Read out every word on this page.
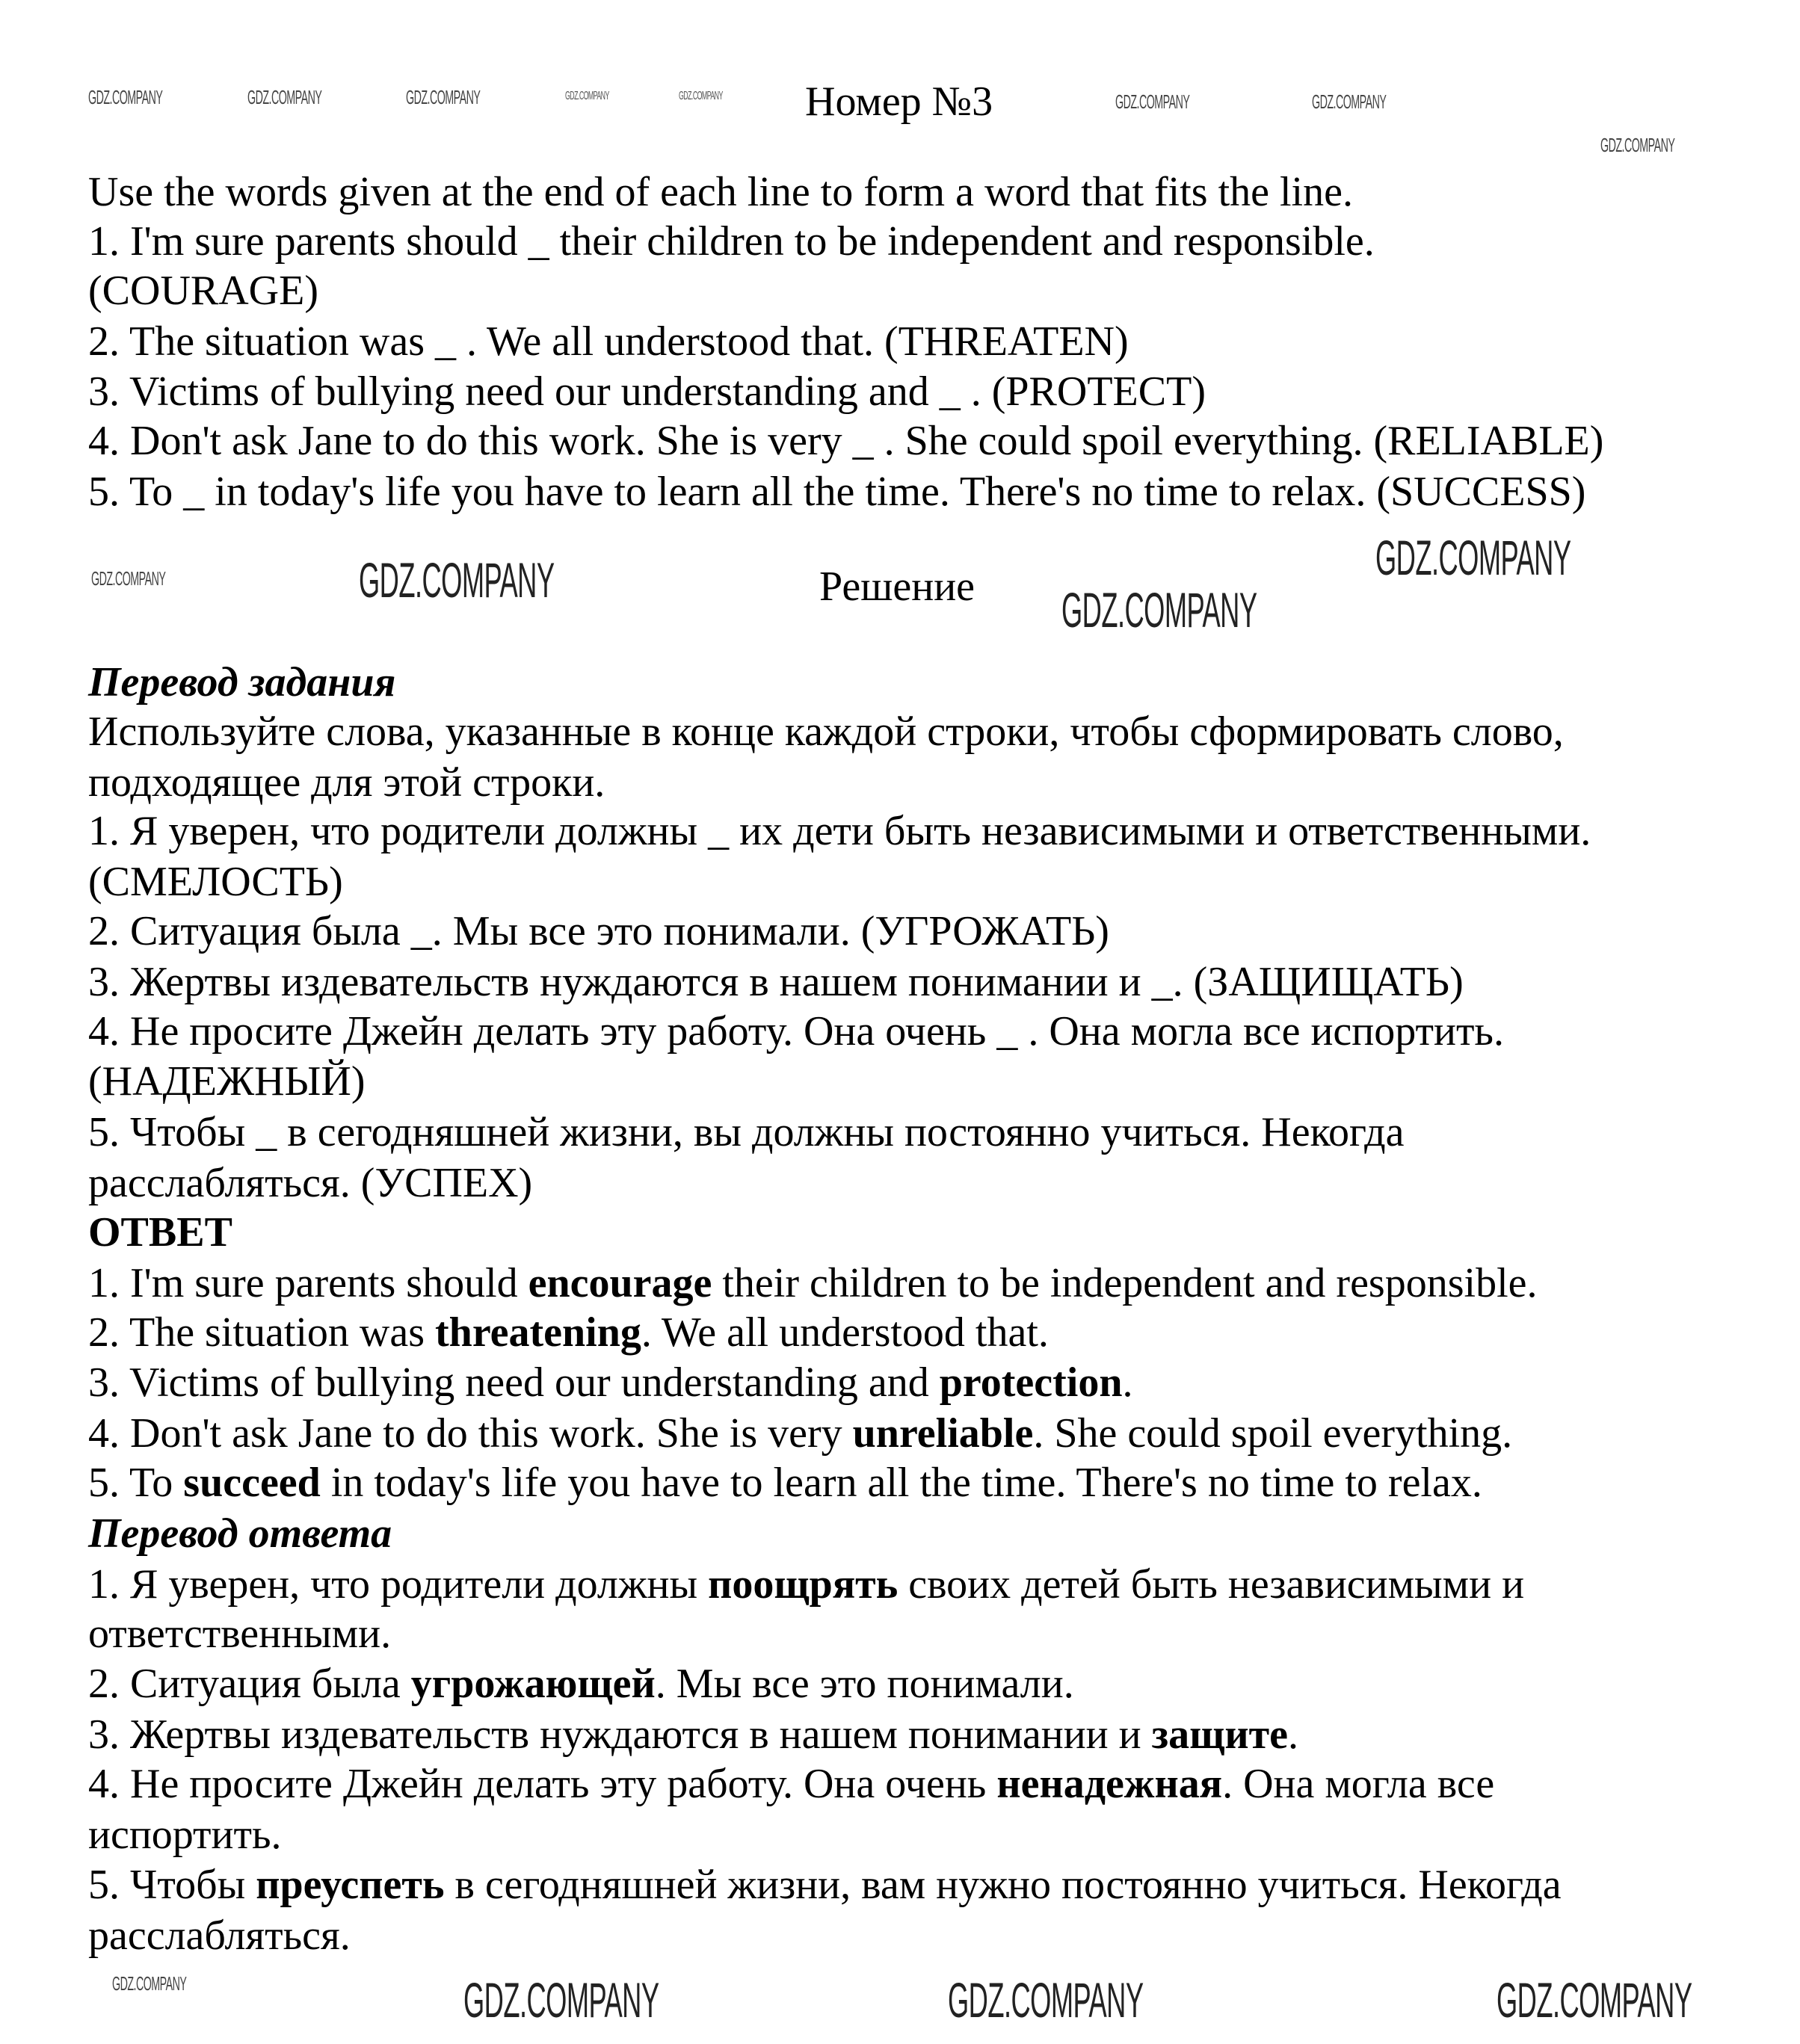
GDZ.COMPANY	GDZ.COMPANY	GDZ.COMPANY	GDZ.COMPANY	GDZ.COMPANY	GDZ.COMPANY	GDZ.COMPANY
GDZ.COMPANY
GDZ.COMPANY	GDZ.COMPANY
GDZ.COMPANY
GDZ.COMPANY
GDZ.COMPANY	GDZ.COMPANY	GDZ.COMPANY	GDZ.COMPANY
Номер №3
Use the words given at the end of each line to form a word that fits the line.
1. I'm sure parents should _ their children to be independent and responsible.
(COURAGE)
2. The situation was _ . We all understood that. (THREATEN)
3. Victims of bullying need our understanding and _ . (PROTECT)
4. Don't ask Jane to do this work. She is very _ . She could spoil everything. (RELIABLE)
5. To _ in today's life you have to learn all the time. There's no time to relax. (SUCCESS)
Решение
Перевод задания
Используйте слова, указанные в конце каждой строки, чтобы сформировать слово,
подходящее для этой строки.
1. Я уверен, что родители должны _ их дети быть независимыми и ответственными.
(СМЕЛОСТЬ)
2. Ситуация была _. Мы все это понимали. (УГРОЖАТЬ)
3. Жертвы издевательств нуждаются в нашем понимании и _. (ЗАЩИЩАТЬ)
4. Не просите Джейн делать эту работу. Она очень _ . Она могла все испортить.
(НАДЕЖНЫЙ)
5. Чтобы _ в сегодняшней жизни, вы должны постоянно учиться. Некогда
расслабляться. (УСПЕХ)
ОТВЕТ
1. I'm sure parents should encourage their children to be independent and responsible.
2. The situation was threatening. We all understood that.
3. Victims of bullying need our understanding and protection.
4. Don't ask Jane to do this work. She is very unreliable. She could spoil everything.
5. To succeed in today's life you have to learn all the time. There's no time to relax.
Перевод ответа
1. Я уверен, что родители должны поощрять своих детей быть независимыми и
ответственными.
2. Ситуация была угрожающей. Мы все это понимали.
3. Жертвы издевательств нуждаются в нашем понимании и защите.
4. Не просите Джейн делать эту работу. Она очень ненадежная. Она могла все
испортить.
5. Чтобы преуспеть в сегодняшней жизни, вам нужно постоянно учиться. Некогда
расслабляться.
